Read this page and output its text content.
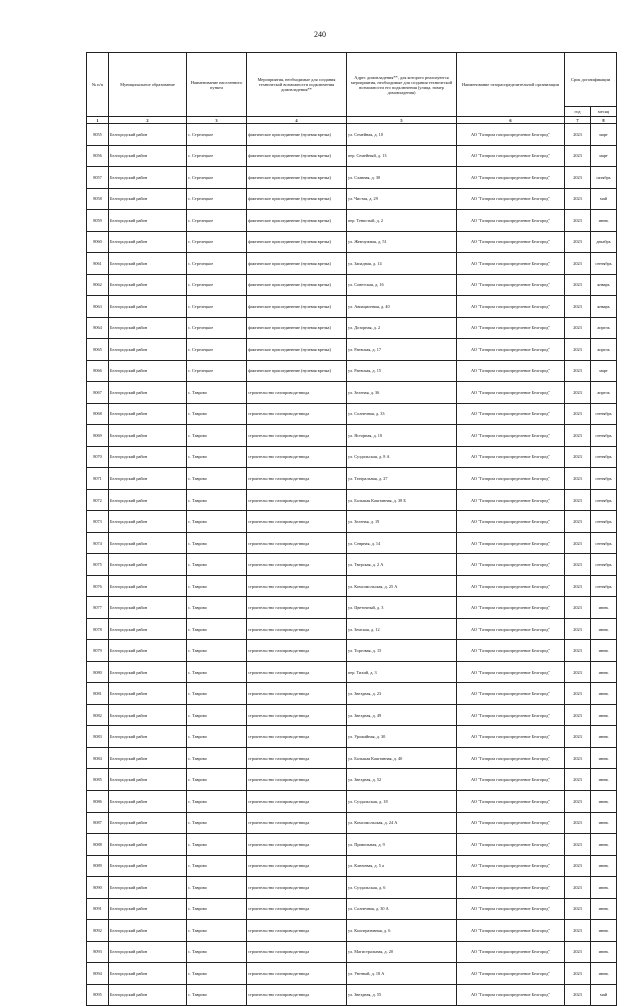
240
№ п/п	Муниципальное образование	Наименование населенного пункта	Мероприятия, необходимые для создания технической возможности подключения домовладения**	Адрес домовладения**, для которого реализуются мероприятия, необходимые для создания технической возможности его подключения (улица, номер домовладения)	Наименование газораспределительной организации	Срок догазификации	
						год	месяц
1	2	3	4	5	6	7	8
8055	Белгородский район	с. Стрелецкое	фактическое присоединение (нулевая врезка)	ул. Семейная, д. 10	АО "Газпром газораспределение Белгород"	2023	март
8056	Белгородский район	с. Стрелецкое	фактическое присоединение (нулевая врезка)	пер. Семейный, д. 13	АО "Газпром газораспределение Белгород"	2023	март
8057	Белгородский район	с. Стрелецкое	фактическое присоединение (нулевая врезка)	ул. Славная, д. 30	АО "Газпром газораспределение Белгород"	2023	октябрь
8058	Белгородский район	с. Стрелецкое	фактическое присоединение (нулевая врезка)	ул. Чистая, д. 29	АО "Газпром газораспределение Белгород"	2023	май
8059	Белгородский район	с. Стрелецкое	фактическое присоединение (нулевая врезка)	пер. Тенистый, д. 2	АО "Газпром газораспределение Белгород"	2023	июнь
8060	Белгородский район	с. Стрелецкое	фактическое присоединение (нулевая врезка)	ул. Жемчужная, д. 51	АО "Газпром газораспределение Белгород"	2023	декабрь
8061	Белгородский район	с. Стрелецкое	фактическое присоединение (нулевая врезка)	ул. Западная, д. 14	АО "Газпром газораспределение Белгород"	2023	сентябрь
8062	Белгородский район	с. Стрелецкое	фактическое присоединение (нулевая врезка)	ул. Советская, д. 16	АО "Газпром газораспределение Белгород"	2023	январь
8063	Белгородский район	с. Стрелецкое	фактическое присоединение (нулевая врезка)	ул. Авиационная, д. 40	АО "Газпром газораспределение Белгород"	2023	январь
8064	Белгородский район	с. Стрелецкое	фактическое присоединение (нулевая врезка)	ул. Дозорная, д. 2	АО "Газпром газораспределение Белгород"	2023	апрель
8065	Белгородский район	с. Стрелецкое	фактическое присоединение (нулевая врезка)	ул. Раевская, д. 17	АО "Газпром газораспределение Белгород"	2023	апрель
8066	Белгородский район	с. Стрелецкое	фактическое присоединение (нулевая врезка)	ул. Раевская, д. 15	АО "Газпром газораспределение Белгород"	2023	март
8067	Белгородский район	с. Таврово	строительство газопровода-ввода	ул. Зеленая, д. 36	АО "Газпром газораспределение Белгород"	2023	апрель
8068	Белгородский район	с. Таврово	строительство газопровода-ввода	ул. Солнечная, д. 33	АО "Газпром газораспределение Белгород"	2023	сентябрь
8069	Белгородский район	с. Таврово	строительство газопровода-ввода	ул. Ясторная, д. 10	АО "Газпром газораспределение Белгород"	2023	сентябрь
8070	Белгородский район	с. Таврово	строительство газопровода-ввода	ул. Суздальская, д. 8 А	АО "Газпром газораспределение Белгород"	2023	сентябрь
8071	Белгородский район	с. Таврово	строительство газопровода-ввода	ул. Театральная, д. 27	АО "Газпром газораспределение Белгород"	2023	сентябрь
8072	Белгородский район	с. Таврово	строительство газопровода-ввода	ул. Большая Каштанная, д. 38 Б	АО "Газпром газораспределение Белгород"	2023	сентябрь
8073	Белгородский район	с. Таврово	строительство газопровода-ввода	ул. Зеленая, д. 19	АО "Газпром газораспределение Белгород"	2023	сентябрь
8074	Белгородский район	с. Таврово	строительство газопровода-ввода	ул. Севрная, д. 14	АО "Газпром газораспределение Белгород"	2023	сентябрь
8075	Белгородский район	с. Таврово	строительство газопровода-ввода	ул. Тверская, д. 2 А	АО "Газпром газораспределение Белгород"	2023	сентябрь
8076	Белгородский район	с. Таврово	строительство газопровода-ввода	ул. Комсомольская, д. 25 А	АО "Газпром газораспределение Белгород"	2023	сентябрь
8077	Белгородский район	с. Таврово	строительство газопровода-ввода	ул. Цветочный, д. 3	АО "Газпром газораспределение Белгород"	2023	июнь
8078	Белгородский район	с. Таврово	строительство газопровода-ввода	ул. Земская, д. 12	АО "Газпром газораспределение Белгород"	2023	июнь
8079	Белгородский район	с. Таврово	строительство газопровода-ввода	ул. Торговая, д. 15	АО "Газпром газораспределение Белгород"	2023	июнь
8080	Белгородский район	с. Таврово	строительство газопровода-ввода	пер. Тихий, д. 3	АО "Газпром газораспределение Белгород"	2023	июнь
8081	Белгородский район	с. Таврово	строительство газопровода-ввода	ул. Звездная, д. 23	АО "Газпром газораспределение Белгород"	2023	июнь
8082	Белгородский район	с. Таврово	строительство газопровода-ввода	ул. Звездная, д. 49	АО "Газпром газораспределение Белгород"	2023	июнь
8083	Белгородский район	с. Таврово	строительство газопровода-ввода	ул. Урожайная, д. 30	АО "Газпром газораспределение Белгород"	2023	июнь
8084	Белгородский район	с. Таврово	строительство газопровода-ввода	ул. Большая Каштанная, д. 40	АО "Газпром газораспределение Белгород"	2023	июнь
8085	Белгородский район	с. Таврово	строительство газопровода-ввода	ул. Звездная, д. 52	АО "Газпром газораспределение Белгород"	2023	июнь
8086	Белгородский район	с. Таврово	строительство газопровода-ввода	ул. Суздальская, д. 18	АО "Газпром газораспределение Белгород"	2023	июнь
8087	Белгородский район	с. Таврово	строительство газопровода-ввода	ул. Комсомольская, д. 24 А	АО "Газпром газораспределение Белгород"	2023	июнь
8088	Белгородский район	с. Таврово	строительство газопровода-ввода	ул. Привольная, д. 9	АО "Газпром газораспределение Белгород"	2023	июнь
8089	Белгородский район	с. Таврово	строительство газопровода-ввода	ул. Ключевая, д. 5 а	АО "Газпром газораспределение Белгород"	2023	июнь
8090	Белгородский район	с. Таврово	строительство газопровода-ввода	ул. Суздальская, д. 6	АО "Газпром газораспределение Белгород"	2023	июнь
8091	Белгородский район	с. Таврово	строительство газопровода-ввода	ул. Солнечная, д. 30 А	АО "Газпром газораспределение Белгород"	2023	июнь
8092	Белгородский район	с. Таврово	строительство газопровода-ввода	ул. Кооперативная, д. 6	АО "Газпром газораспределение Белгород"	2023	июнь
8093	Белгородский район	с. Таврово	строительство газопровода-ввода	ул. Магистральная, д. 20	АО "Газпром газораспределение Белгород"	2023	июнь
8094	Белгородский район	с. Таврово	строительство газопровода-ввода	ул. Уютный, д. 18 А	АО "Газпром газораспределение Белгород"	2023	июнь
8095	Белгородский район	с. Таврово	строительство газопровода-ввода	ул. Звездная, д. 55	АО "Газпром газораспределение Белгород"	2023	май
